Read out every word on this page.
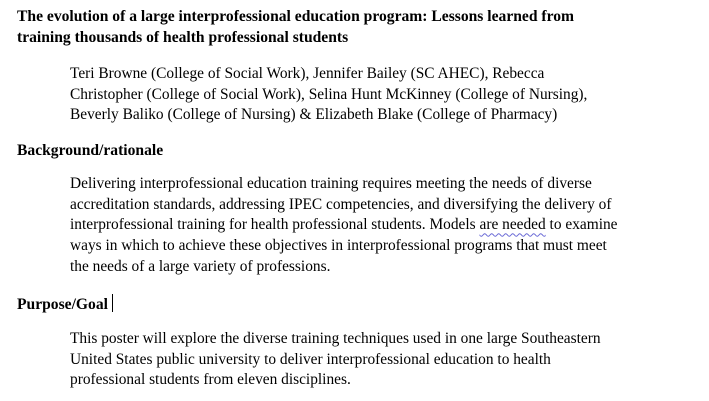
The evolution of a large interprofessional education program: Lessons learned from
training thousands of health professional students

Teri Browne (College of Social Work), Jennifer Bailey (SC AHEC), Rebecca
Christopher (College of Social Work), Selina Hunt McKinney (College of Nursing),
Beverly Baliko (College of Nursing) & Elizabeth Blake (College of Pharmacy)

Background/rationale

Delivering interprofessional education training requires meeting the needs of diverse
accreditation standards, addressing IPEC competencies, and diversifying the delivery of
interprofessional training for health professional students. Models are needed to examine
ways in which to achieve these objectives in interprofessional programs that must meet
the needs of a large variety of professions.

Purpose/Goal

This poster will explore the diverse training techniques used in one large Southeastern
United States public university to deliver interprofessional education to health
professional students from eleven disciplines.
